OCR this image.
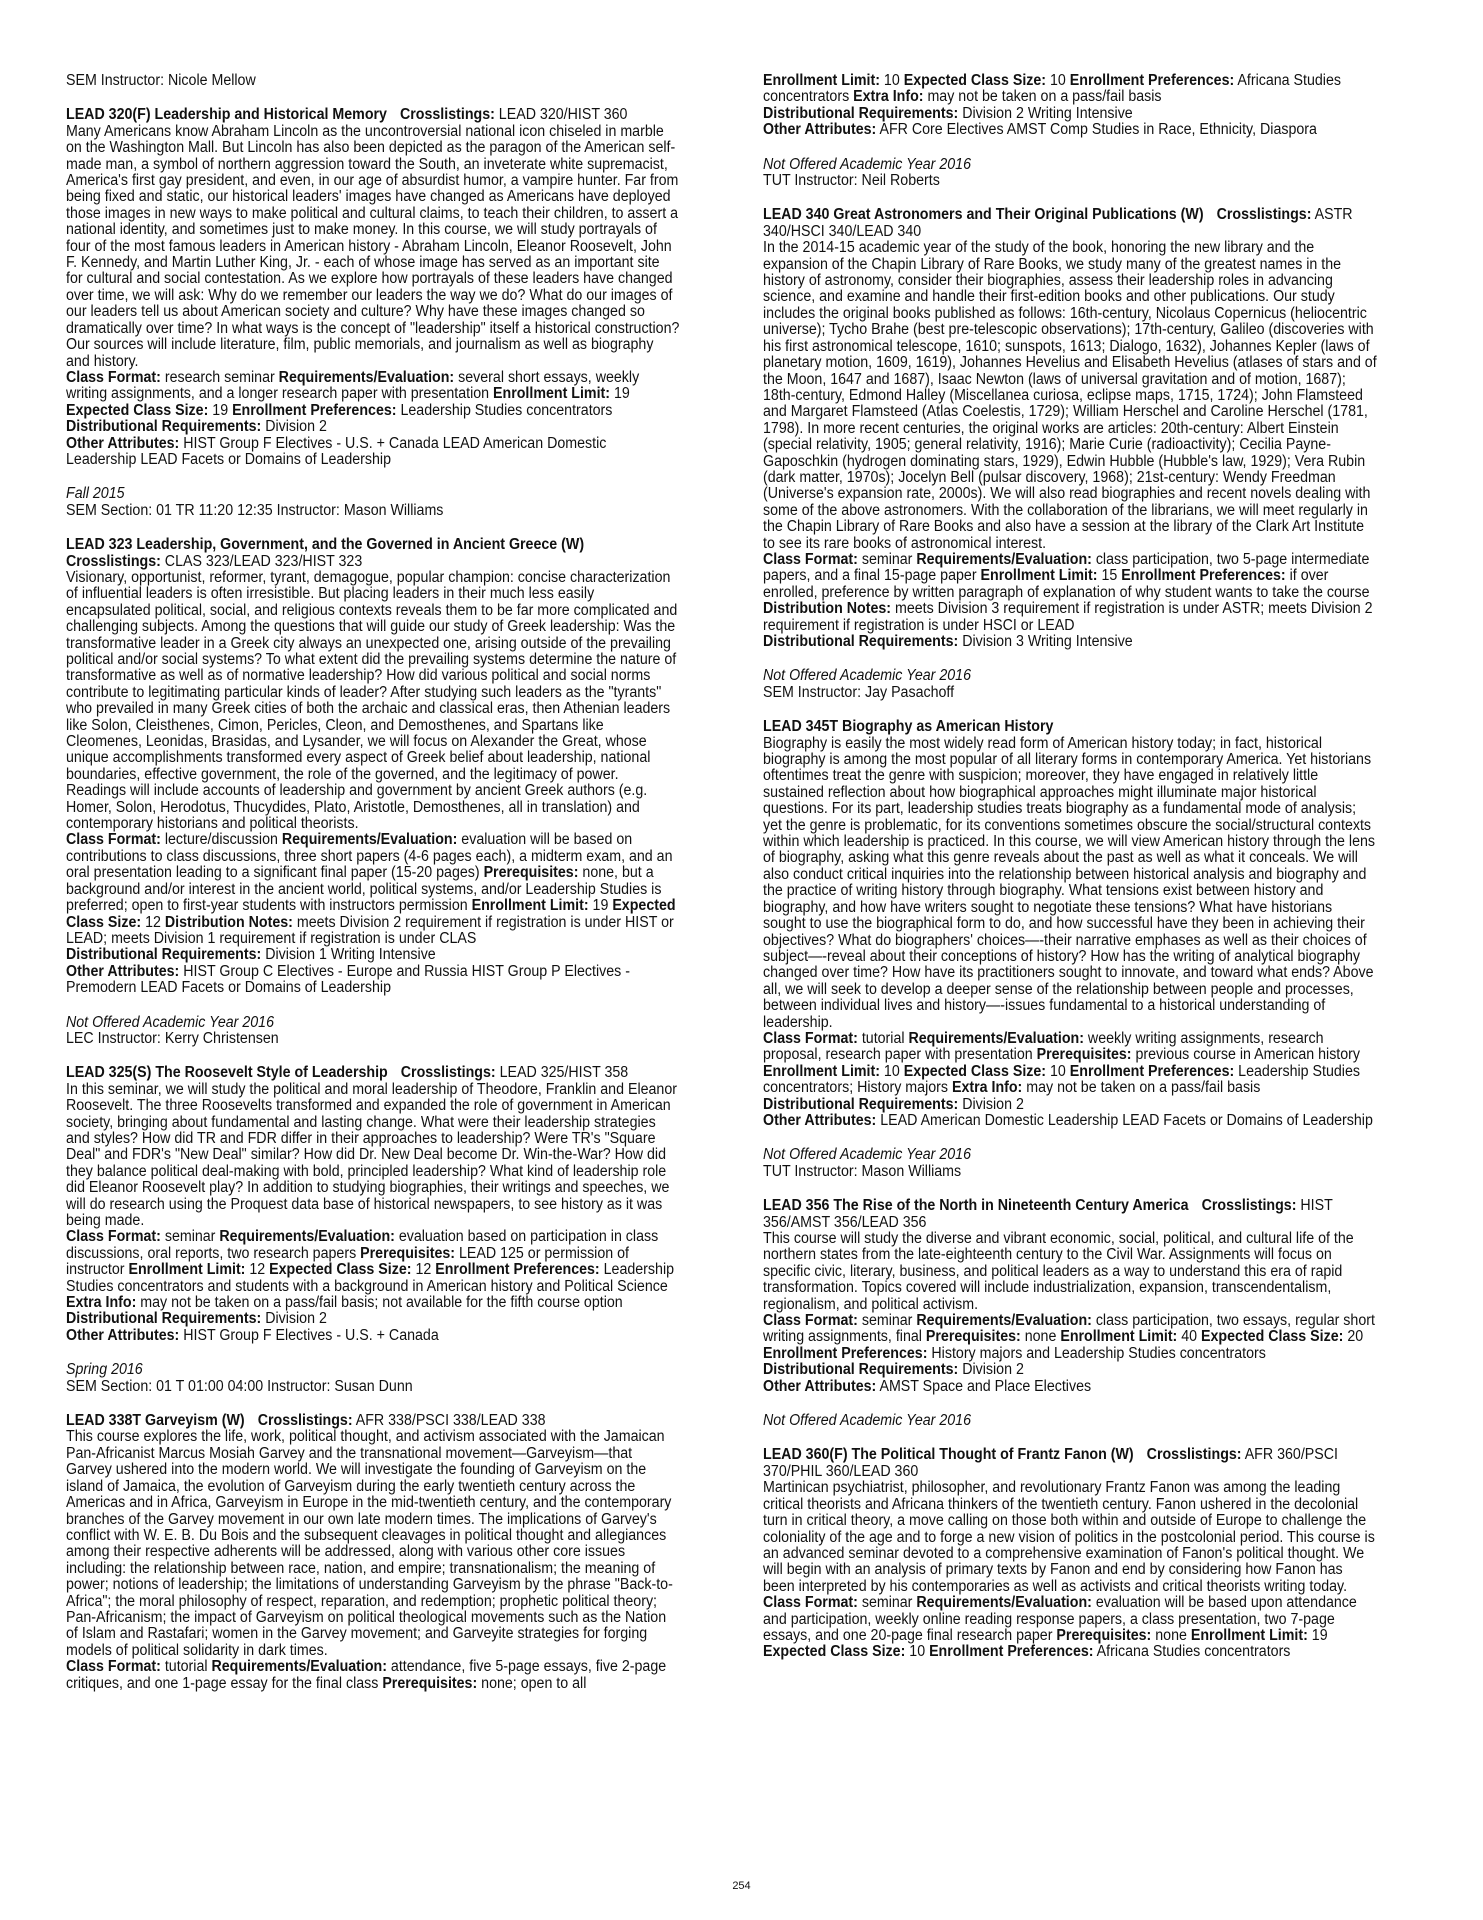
SEM Instructor: Nicole Mellow
LEAD 320(F) Leadership and Historical Memory Crosslistings: LEAD 320/HIST 360
Many Americans know Abraham Lincoln as the uncontroversial national icon chiseled in marble on the Washington Mall. But Lincoln has also been depicted as the paragon of the American self-made man, a symbol of northern aggression toward the South, an inveterate white supremacist, America's first gay president, and even, in our age of absurdist humor, a vampire hunter. Far from being fixed and static, our historical leaders' images have changed as Americans have deployed those images in new ways to make political and cultural claims, to teach their children, to assert a national identity, and sometimes just to make money. In this course, we will study portrayals of four of the most famous leaders in American history - Abraham Lincoln, Eleanor Roosevelt, John F. Kennedy, and Martin Luther King, Jr. - each of whose image has served as an important site for cultural and social contestation. As we explore how portrayals of these leaders have changed over time, we will ask: Why do we remember our leaders the way we do? What do our images of our leaders tell us about American society and culture? Why have these images changed so dramatically over time? In what ways is the concept of "leadership" itself a historical construction? Our sources will include literature, film, public memorials, and journalism as well as biography and history.
Class Format: research seminar Requirements/Evaluation: several short essays, weekly writing assignments, and a longer research paper with presentation Enrollment Limit: 19 Expected Class Size: 19 Enrollment Preferences: Leadership Studies concentrators
Distributional Requirements: Division 2
Other Attributes: HIST Group F Electives - U.S. + Canada LEAD American Domestic Leadership LEAD Facets or Domains of Leadership
Fall 2015
SEM Section: 01 TR 11:20 12:35 Instructor: Mason Williams
LEAD 323 Leadership, Government, and the Governed in Ancient Greece (W)
Crosslistings: CLAS 323/LEAD 323/HIST 323
Visionary, opportunist, reformer, tyrant, demagogue, popular champion: concise characterization of influential leaders is often irresistible. But placing leaders in their much less easily encapsulated political, social, and religious contexts reveals them to be far more complicated and challenging subjects. Among the questions that will guide our study of Greek leadership: Was the transformative leader in a Greek city always an unexpected one, arising outside of the prevailing political and/or social systems? To what extent did the prevailing systems determine the nature of transformative as well as of normative leadership? How did various political and social norms contribute to legitimating particular kinds of leader? After studying such leaders as the "tyrants" who prevailed in many Greek cities of both the archaic and classical eras, then Athenian leaders like Solon, Cleisthenes, Cimon, Pericles, Cleon, and Demosthenes, and Spartans like Cleomenes, Leonidas, Brasidas, and Lysander, we will focus on Alexander the Great, whose unique accomplishments transformed every aspect of Greek belief about leadership, national boundaries, effective government, the role of the governed, and the legitimacy of power. Readings will include accounts of leadership and government by ancient Greek authors (e.g. Homer, Solon, Herodotus, Thucydides, Plato, Aristotle, Demosthenes, all in translation) and contemporary historians and political theorists.
Class Format: lecture/discussion Requirements/Evaluation: evaluation will be based on contributions to class discussions, three short papers (4-6 pages each), a midterm exam, and an oral presentation leading to a significant final paper (15-20 pages) Prerequisites: none, but a background and/or interest in the ancient world, political systems, and/or Leadership Studies is preferred; open to first-year students with instructors permission Enrollment Limit: 19 Expected Class Size: 12 Distribution Notes: meets Division 2 requirement if registration is under HIST or LEAD; meets Division 1 requirement if registration is under CLAS
Distributional Requirements: Division 1 Writing Intensive
Other Attributes: HIST Group C Electives - Europe and Russia HIST Group P Electives - Premodern LEAD Facets or Domains of Leadership
Not Offered Academic Year 2016
LEC Instructor: Kerry Christensen
LEAD 325(S) The Roosevelt Style of Leadership Crosslistings: LEAD 325/HIST 358
In this seminar, we will study the political and moral leadership of Theodore, Franklin and Eleanor Roosevelt. The three Roosevelts transformed and expanded the role of government in American society, bringing about fundamental and lasting change. What were their leadership strategies and styles? How did TR and FDR differ in their approaches to leadership? Were TR's "Square Deal" and FDR's "New Deal" similar? How did Dr. New Deal become Dr. Win-the-War? How did they balance political deal-making with bold, principled leadership? What kind of leadership role did Eleanor Roosevelt play? In addition to studying biographies, their writings and speeches, we will do research using the Proquest data base of historical newspapers, to see history as it was being made.
Class Format: seminar Requirements/Evaluation: evaluation based on participation in class discussions, oral reports, two research papers Prerequisites: LEAD 125 or permission of instructor Enrollment Limit: 12 Expected Class Size: 12 Enrollment Preferences: Leadership Studies concentrators and students with a background in American history and Political Science Extra Info: may not be taken on a pass/fail basis; not available for the fifth course option
Distributional Requirements: Division 2
Other Attributes: HIST Group F Electives - U.S. + Canada
Spring 2016
SEM Section: 01 T 01:00 04:00 Instructor: Susan Dunn
LEAD 338T Garveyism (W) Crosslistings: AFR 338/PSCI 338/LEAD 338
This course explores the life, work, political thought, and activism associated with the Jamaican Pan-Africanist Marcus Mosiah Garvey and the transnational movement—Garveyism—that Garvey ushered into the modern world. We will investigate the founding of Garveyism on the island of Jamaica, the evolution of Garveyism during the early twentieth century across the Americas and in Africa, Garveyism in Europe in the mid-twentieth century, and the contemporary branches of the Garvey movement in our own late modern times. The implications of Garvey's conflict with W. E. B. Du Bois and the subsequent cleavages in political thought and allegiances among their respective adherents will be addressed, along with various other core issues including: the relationship between race, nation, and empire; transnationalism; the meaning of power; notions of leadership; the limitations of understanding Garveyism by the phrase "Back-to-Africa"; the moral philosophy of respect, reparation, and redemption; prophetic political theory; Pan-Africanism; the impact of Garveyism on political theological movements such as the Nation of Islam and Rastafari; women in the Garvey movement; and Garveyite strategies for forging models of political solidarity in dark times.
Class Format: tutorial Requirements/Evaluation: attendance, five 5-page essays, five 2-page critiques, and one 1-page essay for the final class Prerequisites: none; open to all
Enrollment Limit: 10 Expected Class Size: 10 Enrollment Preferences: Africana Studies concentrators Extra Info: may not be taken on a pass/fail basis
Distributional Requirements: Division 2 Writing Intensive
Other Attributes: AFR Core Electives AMST Comp Studies in Race, Ethnicity, Diaspora
Not Offered Academic Year 2016
TUT Instructor: Neil Roberts
LEAD 340 Great Astronomers and Their Original Publications (W) Crosslistings: ASTR 340/HSCI 340/LEAD 340
In the 2014-15 academic year of the study of the book, honoring the new library and the expansion of the Chapin Library of Rare Books, we study many of the greatest names in the history of astronomy, consider their biographies, assess their leadership roles in advancing science, and examine and handle their first-edition books and other publications. Our study includes the original books published as follows: 16th-century, Nicolaus Copernicus (heliocentric universe); Tycho Brahe (best pre-telescopic observations); 17th-century, Galileo (discoveries with his first astronomical telescope, 1610; sunspots, 1613; Dialogo, 1632), Johannes Kepler (laws of planetary motion, 1609, 1619), Johannes Hevelius and Elisabeth Hevelius (atlases of stars and of the Moon, 1647 and 1687), Isaac Newton (laws of universal gravitation and of motion, 1687); 18th-century, Edmond Halley (Miscellanea curiosa, eclipse maps, 1715, 1724); John Flamsteed and Margaret Flamsteed (Atlas Coelestis, 1729); William Herschel and Caroline Herschel (1781, 1798). In more recent centuries, the original works are articles: 20th-century: Albert Einstein (special relativity, 1905; general relativity, 1916); Marie Curie (radioactivity); Cecilia Payne-Gaposchkin (hydrogen dominating stars, 1929), Edwin Hubble (Hubble's law, 1929); Vera Rubin (dark matter, 1970s); Jocelyn Bell (pulsar discovery, 1968); 21st-century: Wendy Freedman (Universe's expansion rate, 2000s). We will also read biographies and recent novels dealing with some of the above astronomers. With the collaboration of the librarians, we will meet regularly in the Chapin Library of Rare Books and also have a session at the library of the Clark Art Institute to see its rare books of astronomical interest.
Class Format: seminar Requirements/Evaluation: class participation, two 5-page intermediate papers, and a final 15-page paper Enrollment Limit: 15 Enrollment Preferences: if over enrolled, preference by written paragraph of explanation of why student wants to take the course Distribution Notes: meets Division 3 requirement if registration is under ASTR; meets Division 2 requirement if registration is under HSCI or LEAD
Distributional Requirements: Division 3 Writing Intensive
Not Offered Academic Year 2016
SEM Instructor: Jay Pasachoff
LEAD 345T Biography as American History
Biography is easily the most widely read form of American history today; in fact, historical biography is among the most popular of all literary forms in contemporary America. Yet historians oftentimes treat the genre with suspicion; moreover, they have engaged in relatively little sustained reflection about how biographical approaches might illuminate major historical questions. For its part, leadership studies treats biography as a fundamental mode of analysis; yet the genre is problematic, for its conventions sometimes obscure the social/structural contexts within which leadership is practiced. In this course, we will view American history through the lens of biography, asking what this genre reveals about the past as well as what it conceals. We will also conduct critical inquiries into the relationship between historical analysis and biography and the practice of writing history through biography. What tensions exist between history and biography, and how have writers sought to negotiate these tensions? What have historians sought to use the biographical form to do, and how successful have they been in achieving their objectives? What do biographers' choices—-their narrative emphases as well as their choices of subject—-reveal about their conceptions of history? How has the writing of analytical biography changed over time? How have its practitioners sought to innovate, and toward what ends? Above all, we will seek to develop a deeper sense of the relationship between people and processes, between individual lives and history—-issues fundamental to a historical understanding of leadership.
Class Format: tutorial Requirements/Evaluation: weekly writing assignments, research proposal, research paper with presentation Prerequisites: previous course in American history Enrollment Limit: 10 Expected Class Size: 10 Enrollment Preferences: Leadership Studies concentrators; History majors Extra Info: may not be taken on a pass/fail basis
Distributional Requirements: Division 2
Other Attributes: LEAD American Domestic Leadership LEAD Facets or Domains of Leadership
Not Offered Academic Year 2016
TUT Instructor: Mason Williams
LEAD 356 The Rise of the North in Nineteenth Century America Crosslistings: HIST 356/AMST 356/LEAD 356
This course will study the diverse and vibrant economic, social, political, and cultural life of the northern states from the late-eighteenth century to the Civil War. Assignments will focus on specific civic, literary, business, and political leaders as a way to understand this era of rapid transformation. Topics covered will include industrialization, expansion, transcendentalism, regionalism, and political activism.
Class Format: seminar Requirements/Evaluation: class participation, two essays, regular short writing assignments, final Prerequisites: none Enrollment Limit: 40 Expected Class Size: 20 Enrollment Preferences: History majors and Leadership Studies concentrators
Distributional Requirements: Division 2
Other Attributes: AMST Space and Place Electives
Not Offered Academic Year 2016
LEAD 360(F) The Political Thought of Frantz Fanon (W) Crosslistings: AFR 360/PSCI 370/PHIL 360/LEAD 360
Martinican psychiatrist, philosopher, and revolutionary Frantz Fanon was among the leading critical theorists and Africana thinkers of the twentieth century. Fanon ushered in the decolonial turn in critical theory, a move calling on those both within and outside of Europe to challenge the coloniality of the age and to forge a new vision of politics in the postcolonial period. This course is an advanced seminar devoted to a comprehensive examination of Fanon's political thought. We will begin with an analysis of primary texts by Fanon and end by considering how Fanon has been interpreted by his contemporaries as well as activists and critical theorists writing today.
Class Format: seminar Requirements/Evaluation: evaluation will be based upon attendance and participation, weekly online reading response papers, a class presentation, two 7-page essays, and one 20-page final research paper Prerequisites: none Enrollment Limit: 19 Expected Class Size: 10 Enrollment Preferences: Africana Studies concentrators
254
